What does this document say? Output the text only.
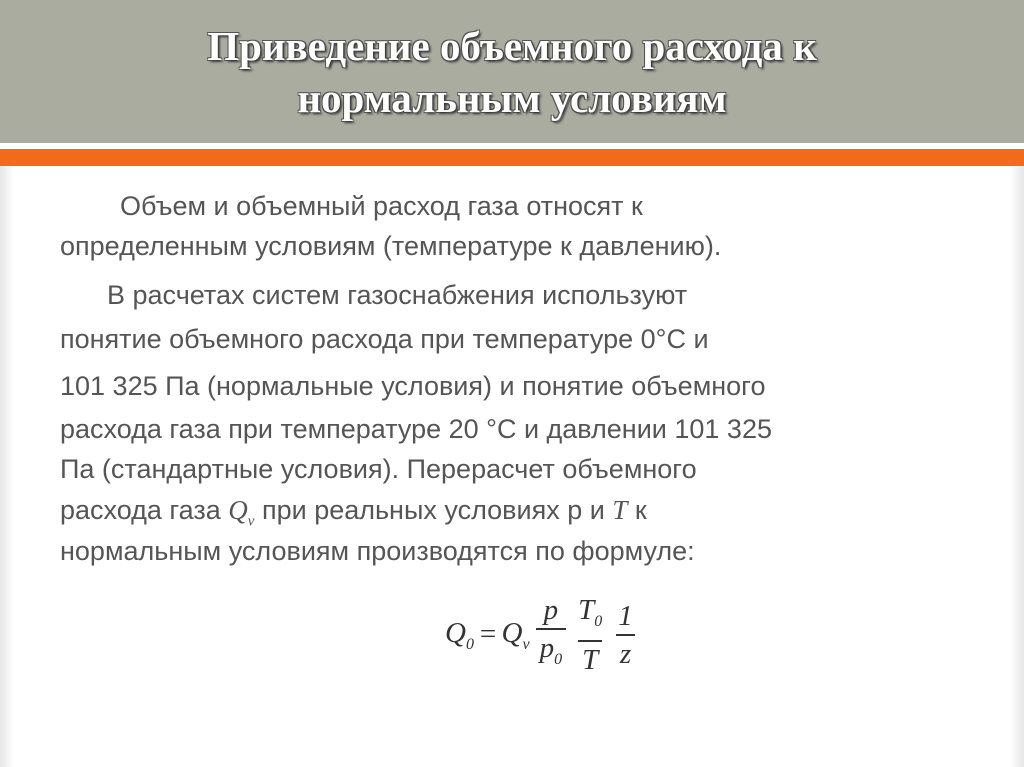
Приведение объемного расхода к
нормальным условиям
Объем и объемный расход газа относят к
определенным условиям (температуре к давлению).
В расчетах систем газоснабжения используют
понятие объемного расхода при температуре 0°С и
101 325 Па (нормальные условия) и понятие объемного
расхода газа при температуре 20 °С и давлении 101 325
Па (стандартные условия). Перерасчет объемного
расхода газа $Q_v$ при реальных условиях р и T к
нормальным условиям производятся по формуле:
$Q_0 = Q_v \frac{p}{p_0} \frac{T_0}{T} \frac{1}{z}$
